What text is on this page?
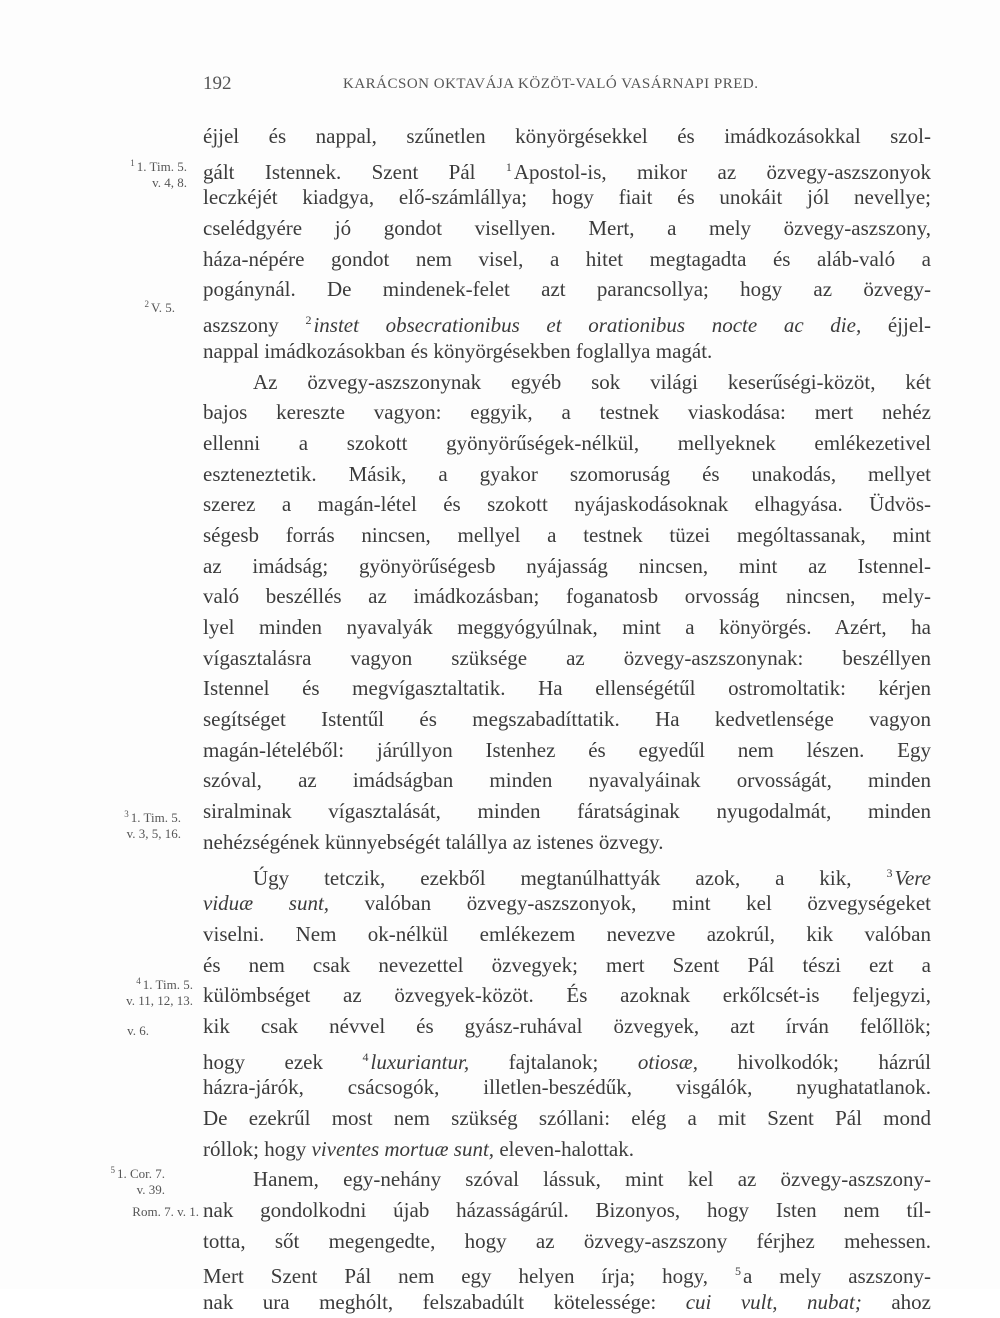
192	KARÁCSON OKTAVÁJA KÖZÖT-VALÓ VASÁRNAPI PRED.
$^1$ 1. Tim. 5.
v. 4, 8.
$^2$ V. 5.
$^3$ 1. Tim. 5.
v. 3, 5, 16.
$^4$ 1. Tim. 5.
v. 11, 12, 13.
v. 6.
$^5$ 1. Cor. 7.
v. 39.
Rom. 7. v. 1.
éjjel és nappal, szűnetlen könyörgésekkel és imádkozásokkal szol-
gált Istennek. Szent Pál $^1$Apostol-is, mikor az özvegy-aszszonyok
leczkéjét kiadgya, elő-számlállya; hogy fiait és unokáit jól nevellye;
cselédgyére jó gondot visellyen. Mert, a mely özvegy-aszszony,
háza-népére gondot nem visel, a hitet megtagadta és aláb-való a
pogánynál. De mindenek-felet azt parancsollya; hogy az özvegy-
aszszony $^2$instet obsecrationibus et orationibus nocte ac die, éjjel-
nappal imádkozásokban és könyörgésekben foglallya magát.
Az özvegy-aszszonynak egyéb sok világi keserűségi-közöt, két
bajos kereszte vagyon: eggyik, a testnek viaskodása: mert nehéz
ellenni a szokott gyönyörűségek-nélkül, mellyeknek emlékezetivel
eszteneztetik. Másik, a gyakor szomoruság és unakodás, mellyet
szerez a magán-létel és szokott nyájaskodásoknak elhagyása. Üdvös-
ségesb forrás nincsen, mellyel a testnek tüzei mególtassanak, mint
az imádság; gyönyörűségesb nyájasság nincsen, mint az Istennel-
való beszéllés az imádkozásban; foganatosb orvosság nincsen, mely-
lyel minden nyavalyák meggyógyúlnak, mint a könyörgés. Azért, ha
vígasztalásra vagyon szüksége az özvegy-aszszonynak: beszéllyen
Istennel és megvígasztaltatik. Ha ellenségétűl ostromoltatik: kérjen
segítséget Istentűl és megszabadíttatik. Ha kedvetlensége vagyon
magán-lételéből: járúllyon Istenhez és egyedűl nem lészen. Egy
szóval, az imádságban minden nyavalyáinak orvosságát, minden
siralminak vígasztalását, minden fáratságinak nyugodalmát, minden
nehézségének künnyebségét talállya az istenes özvegy.
Úgy tetczik, ezekből megtanúlhattyák azok, a kik, $^3$Vere
viduæ sunt, valóban özvegy-aszszonyok, mint kel özvegységeket
viselni. Nem ok-nélkül emlékezem nevezve azokrúl, kik valóban
és nem csak nevezettel özvegyek; mert Szent Pál tészi ezt a
külömbséget az özvegyek-közöt. És azoknak erkőlcsét-is feljegyzi,
kik csak névvel és gyász-ruhával özvegyek, azt írván felőllök;
hogy ezek $^4$luxuriantur, fajtalanok; otiosæ, hivolkodók; házrúl
házra-járók, csácsogók, illetlen-beszédűk, visgálók, nyughatatlanok.
De ezekrűl most nem szükség szóllani: elég a mit Szent Pál mond
róllok; hogy viventes mortuæ sunt, eleven-halottak.
Hanem, egy-nehány szóval lássuk, mint kel az özvegy-aszszony-
nak gondolkodni újab házasságárúl. Bizonyos, hogy Isten nem tíl-
totta, sőt megengedte, hogy az özvegy-aszszony férjhez mehessen.
Mert Szent Pál nem egy helyen írja; hogy, $^5$a mely aszszony-
nak ura meghólt, felszabadúlt kötelessége: cui vult, nubat; ahoz
